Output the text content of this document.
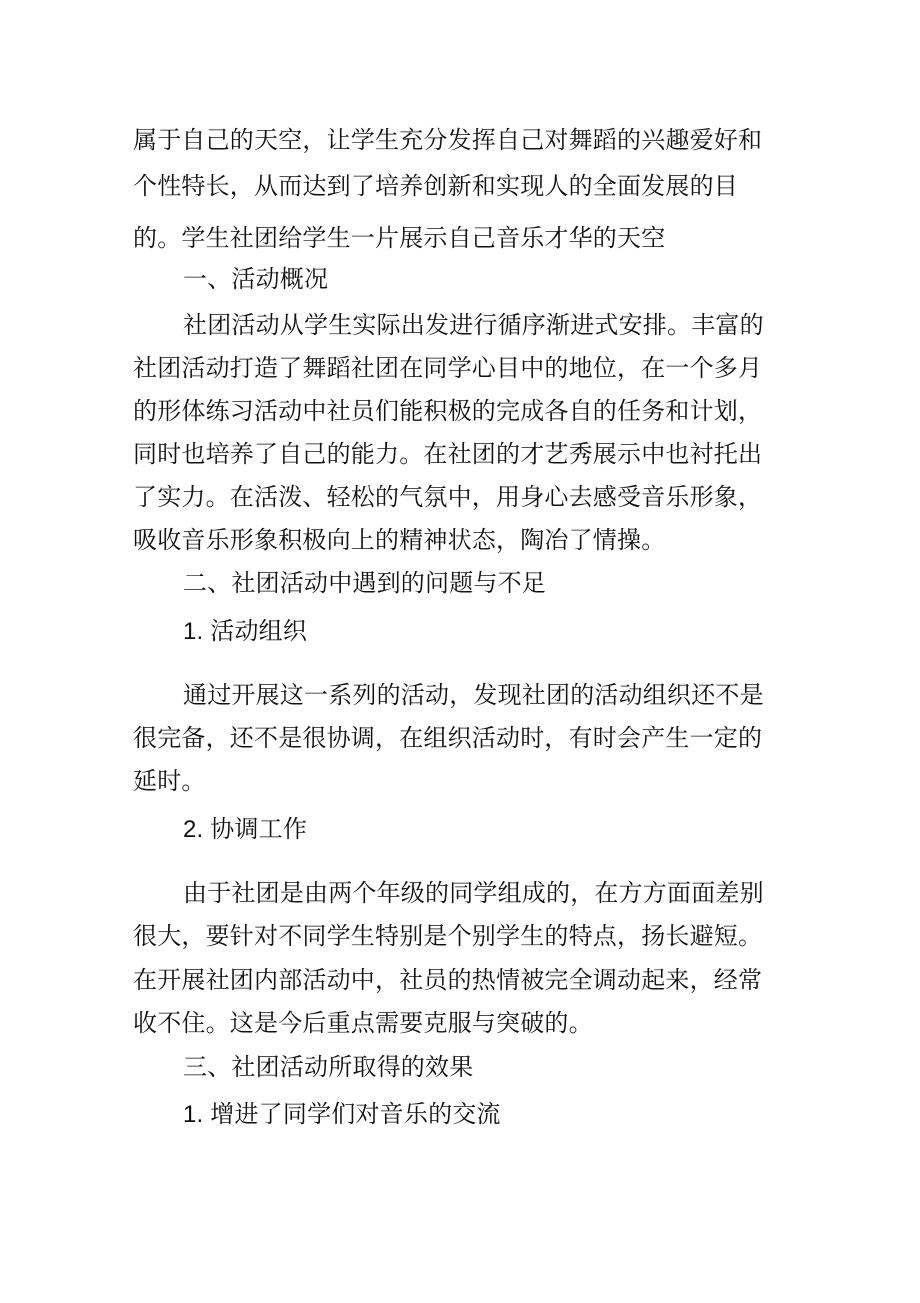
属于自己的天空，让学生充分发挥自己对舞蹈的兴趣爱好和
个性特长，从而达到了培养创新和实现人的全面发展的目
的。学生社团给学生一片展示自己音乐才华的天空
一、活动概况
社团活动从学生实际出发进行循序渐进式安排。丰富的
社团活动打造了舞蹈社团在同学心目中的地位，在一个多月
的形体练习活动中社员们能积极的完成各自的任务和计划，
同时也培养了自己的能力。在社团的才艺秀展示中也衬托出
了实力。在活泼、轻松的气氛中，用身心去感受音乐形象，
吸收音乐形象积极向上的精神状态，陶冶了情操。
二、社团活动中遇到的问题与不足
1. 活动组织
通过开展这一系列的活动，发现社团的活动组织还不是
很完备，还不是很协调，在组织活动时，有时会产生一定的
延时。
2. 协调工作
由于社团是由两个年级的同学组成的，在方方面面差别
很大，要针对不同学生特别是个别学生的特点，扬长避短。
在开展社团内部活动中，社员的热情被完全调动起来，经常
收不住。这是今后重点需要克服与突破的。
三、社团活动所取得的效果
1. 增进了同学们对音乐的交流
